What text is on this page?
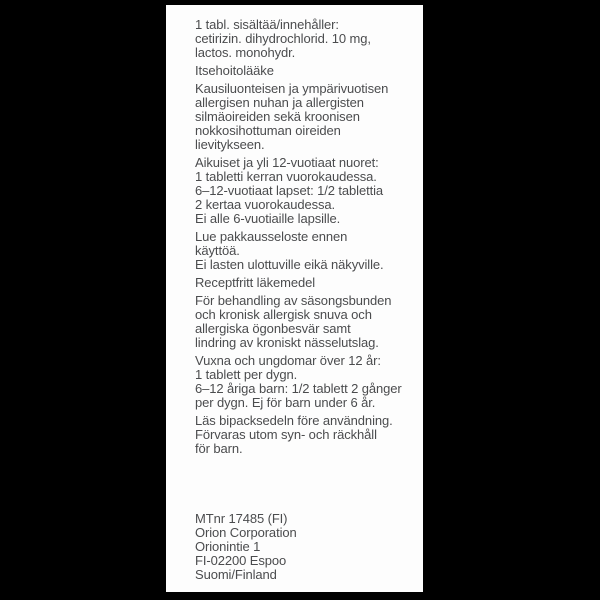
1 tabl. sisältää/innehåller:
cetirizin. dihydrochlorid. 10 mg,
lactos. monohydr.
Itsehoitolääke
Kausiluonteisen ja ympärivuotisen
allergisen nuhan ja allergisten
silmäoireiden sekä kroonisen
nokkosihottuman oireiden
lievitykseen.
Aikuiset ja yli 12-vuotiaat nuoret:
1 tabletti kerran vuorokaudessa.
6–12-vuotiaat lapset: 1/2 tablettia
2 kertaa vuorokaudessa.
Ei alle 6-vuotiaille lapsille.
Lue pakkausseloste ennen
käyttöä.
Ei lasten ulottuville eikä näkyville.
Receptfritt läkemedel
För behandling av säsongsbunden
och kronisk allergisk snuva och
allergiska ögonbesvär samt
lindring av kroniskt nässelutslag.
Vuxna och ungdomar över 12 år:
1 tablett per dygn.
6–12 åriga barn: 1/2 tablett 2 gånger
per dygn. Ej för barn under 6 år.
Läs bipacksedeln före användning.
Förvaras utom syn- och räckhåll
för barn.
MTnr 17485 (FI)
Orion Corporation
Orionintie 1
FI-02200 Espoo
Suomi/Finland
